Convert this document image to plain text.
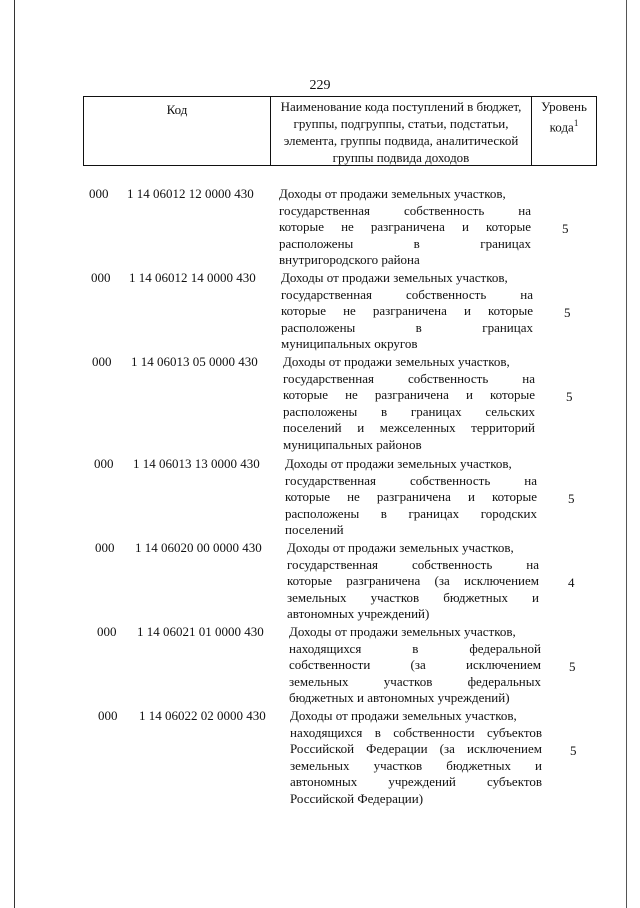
229
Код	Наименование кода поступлений в бюджет, группы, подгруппы, статьи, подстатьи, элемента, группы подвида, аналитической группы подвида доходов
Уровень кода$^1$
000 1 14 06012 12 0000 430 Доходы от продажи земельных участков,
государственная собственность на
которые не разграничена и которые
расположены в границах
внутригородского района
5
000 1 14 06012 14 0000 430 Доходы от продажи земельных участков,
государственная собственность на
которые не разграничена и которые
расположены в границах
муниципальных округов
5
000 1 14 06013 05 0000 430 Доходы от продажи земельных участков,
государственная собственность на
которые не разграничена и которые
расположены в границах сельских
поселений и межселенных территорий
муниципальных районов
5
000 1 14 06013 13 0000 430 Доходы от продажи земельных участков,
государственная собственность на
которые не разграничена и которые
расположены в границах городских
поселений
5
000 1 14 06020 00 0000 430 Доходы от продажи земельных участков,
государственная собственность на
которые разграничена (за исключением
земельных участков бюджетных и
автономных учреждений)
4
000 1 14 06021 01 0000 430 Доходы от продажи земельных участков,
находящихся в федеральной
собственности (за исключением
земельных участков федеральных
бюджетных и автономных учреждений)
5
000 1 14 06022 02 0000 430 Доходы от продажи земельных участков,
находящихся в собственности субъектов
Российской Федерации (за исключением
земельных участков бюджетных и
автономных учреждений субъектов
Российской Федерации)
5
